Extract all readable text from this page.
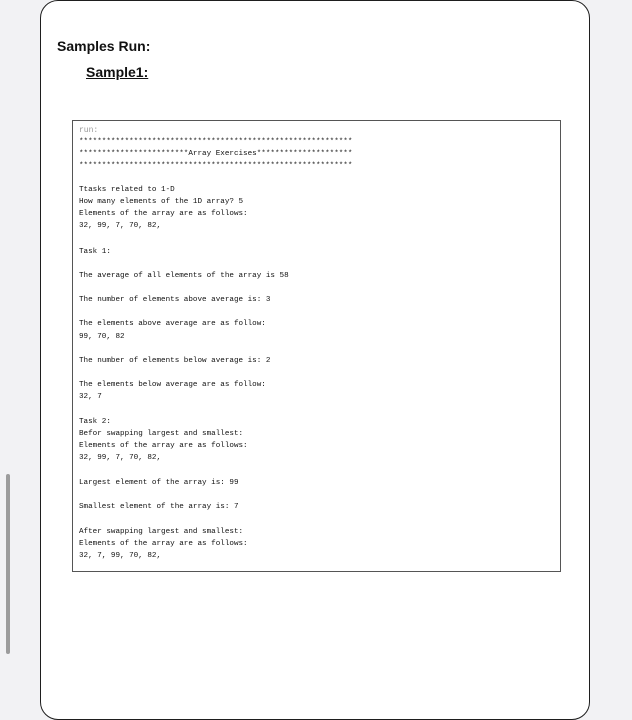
Samples Run:
Sample1:
run:
************************************************************
************************Array Exercises*********************
************************************************************
Ttasks related to 1-D
How many elements of the 1D array? 5
Elements of the array are as follows:
32, 99, 7, 70, 82,
Task 1:
The average of all elements of the array is 58
The number of elements above average is: 3
The elements above average are as follow:
99, 70, 82
The number of elements below average is: 2
The elements below average are as follow:
32, 7
Task 2:
Befor swapping largest and smallest:
Elements of the array are as follows:
32, 99, 7, 70, 82,
Largest element of the array is: 99
Smallest element of the array is: 7
After swapping largest and smallest:
Elements of the array are as follows:
32, 7, 99, 70, 82,
